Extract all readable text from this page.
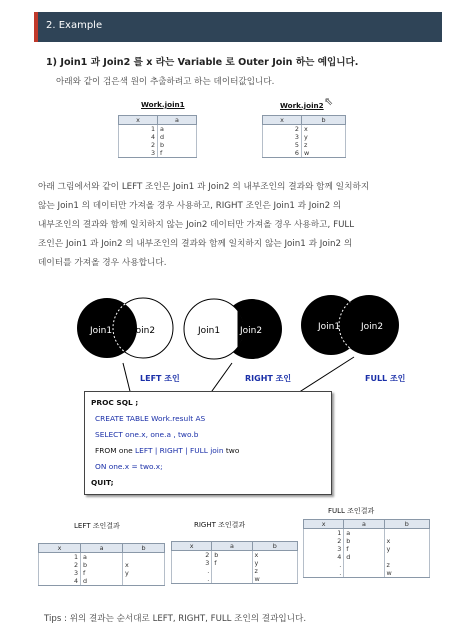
2. Example
1) Join1 과 Join2 를 x 라는 Variable 로 Outer Join 하는 예입니다.
아래와 같이 검은색 원이 추출하려고 하는 데이터값입니다.
⇖
Work.join1
x	a
1	a
4	d
2	b
3	f
Work.join2
x	b
2	x
3	y
5	z
6	w

아래 그림에서와 같이 LEFT 조인은 Join1 과 Join2 의 내부조인의 결과와 함께 일치하지
않는 Join1 의 데이터만 가져올 경우 사용하고, RIGHT 조인은 Join1 과 Join2 의
내부조인의 결과와 함께 일치하지 않는 Join2 데이터만 가져올 경우 사용하고, FULL
조인은 Join1 과 Join2 의 내부조인의 결과와 함께 일치하지 않는 Join1 과 Join2 의
데이터를 가져올 경우 사용합니다.

Join1 Join2	Join1 Join2	Join1 Join2
LEFT 조인	RIGHT 조인	FULL 조인
PROC SQL ;
CREATE TABLE Work.result AS
SELECT one.x, one.a , two.b
FROM one LEFT | RIGHT | FULL join two
ON one.x = two.x;
QUIT;
LEFT 조인결과
x	a	b
1	a	
2	b	x
3	f	y
4	d	
RIGHT 조인결과
x	a	b
2	b	x
3	f	y
.		z
.		w
FULL 조인결과
x	a	b
1	a	
2	b	x
3	f	y
4	d	
.		z
.		w
Tips : 위의 결과는 순서대로 LEFT, RIGHT, FULL 조인의 결과입니다.
